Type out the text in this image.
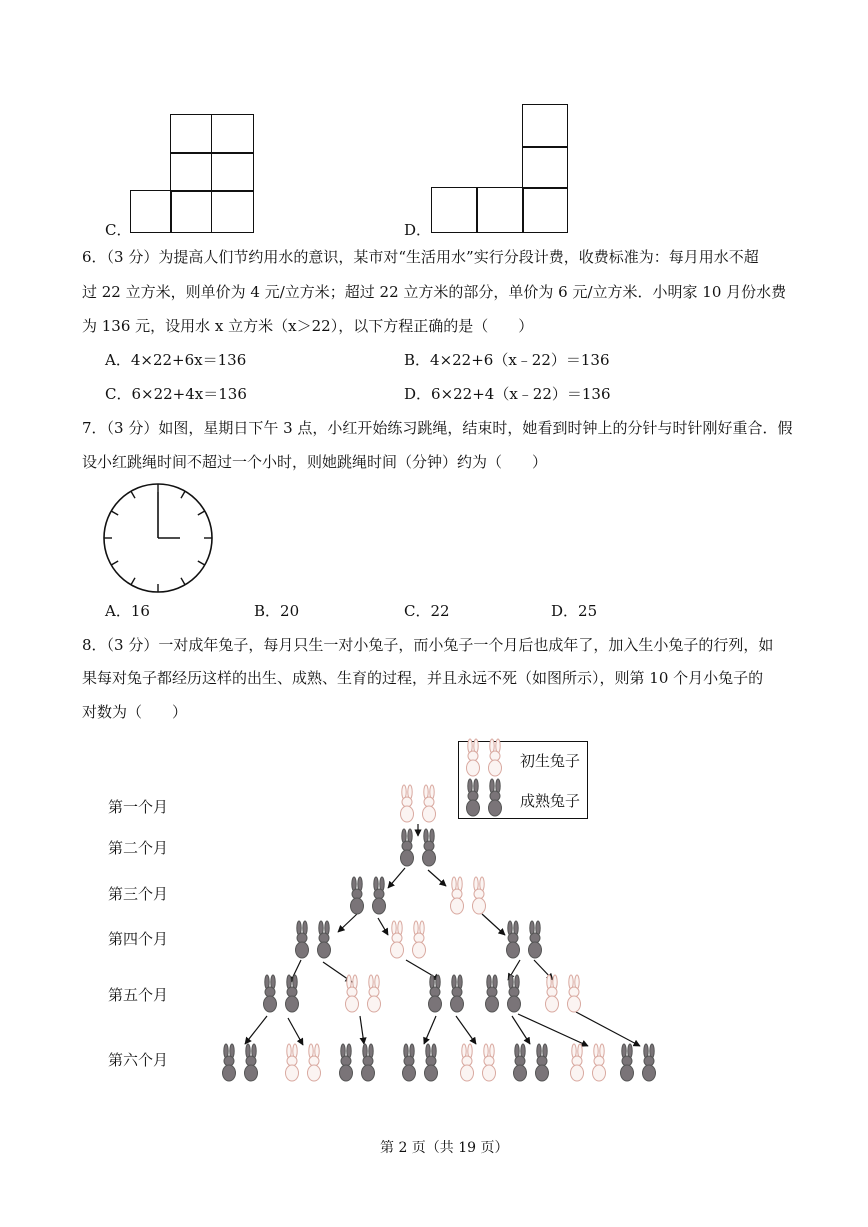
C．	D．
6．（3 分）为提高人们节约用水的意识，某市对“生活用水”实行分段计费，收费标准为：每月用水不超
过 22 立方米，则单价为 4 元/立方米；超过 22 立方米的部分，单价为 6 元/立方米．小明家 10 月份水费
为 136 元，设用水 x 立方米（x＞22），以下方程正确的是（　　）
A．4×22+6x＝136	B．4×22+6（x﹣22）＝136
C．6×22+4x＝136	D．6×22+4（x﹣22）＝136
7．（3 分）如图，星期日下午 3 点，小红开始练习跳绳，结束时，她看到时钟上的分针与时针刚好重合．假
设小红跳绳时间不超过一个小时，则她跳绳时间（分钟）约为（　　）
A．16	B．20	C．22	D．25
8．（3 分）一对成年兔子，每月只生一对小兔子，而小兔子一个月后也成年了，加入生小兔子的行列，如
果每对兔子都经历这样的出生、成熟、生育的过程，并且永远不死（如图所示），则第 10 个月小兔子的
对数为（　　）
初生兔子
成熟兔子
第一个月
第二个月
第三个月
第四个月
第五个月
第六个月
第 2 页（共 19 页）
